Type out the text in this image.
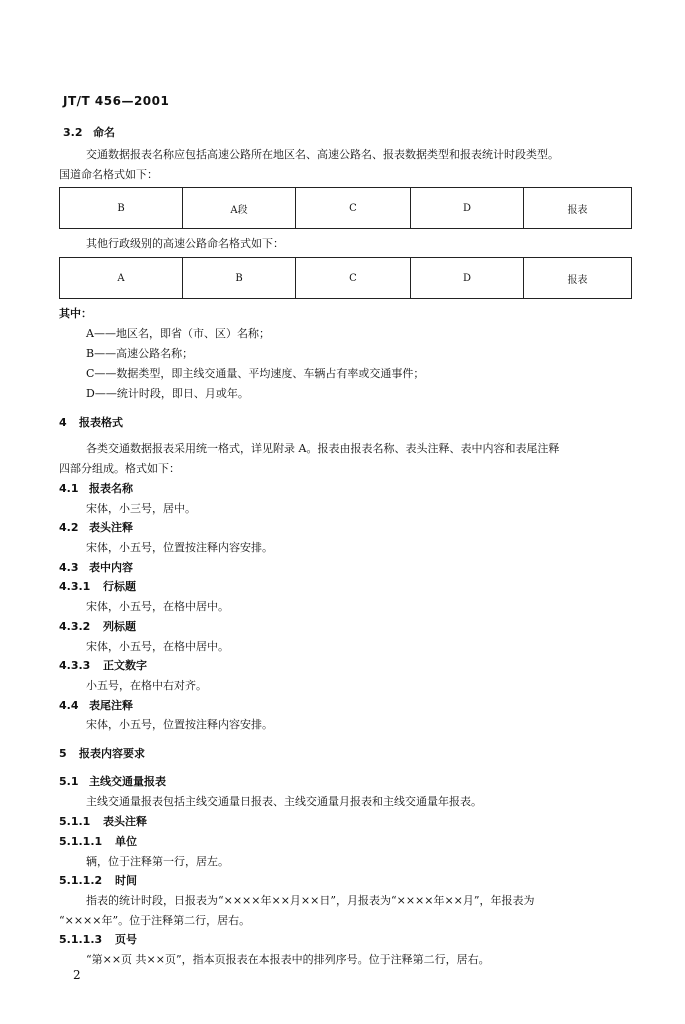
JT/T 456—2001
3.2 命名
交通数据报表名称应包括高速公路所在地区名、高速公路名、报表数据类型和报表统计时段类型。
国道命名格式如下：
B	A段	C	D	报表
其他行政级别的高速公路命名格式如下：
A	B	C	D	报表
其中：
A——地区名，即省（市、区）名称；
B——高速公路名称；
C——数据类型，即主线交通量、平均速度、车辆占有率或交通事件；
D——统计时段，即日、月或年。
4 报表格式
各类交通数据报表采用统一格式，详见附录 A。报表由报表名称、表头注释、表中内容和表尾注释
四部分组成。格式如下：
4.1 报表名称
宋体，小三号，居中。
4.2 表头注释
宋体，小五号，位置按注释内容安排。
4.3 表中内容
4.3.1 行标题
宋体，小五号，在格中居中。
4.3.2 列标题
宋体，小五号，在格中居中。
4.3.3 正文数字
小五号，在格中右对齐。
4.4 表尾注释
宋体，小五号，位置按注释内容安排。
5 报表内容要求
5.1 主线交通量报表
主线交通量报表包括主线交通量日报表、主线交通量月报表和主线交通量年报表。
5.1.1 表头注释
5.1.1.1 单位
辆，位于注释第一行，居左。
5.1.1.2 时间
指表的统计时段，日报表为“××××年××月××日”，月报表为“××××年××月”，年报表为
“××××年”。位于注释第二行，居右。
5.1.1.3 页号
“第××页 共××页”，指本页报表在本报表中的排列序号。位于注释第二行，居右。
2
